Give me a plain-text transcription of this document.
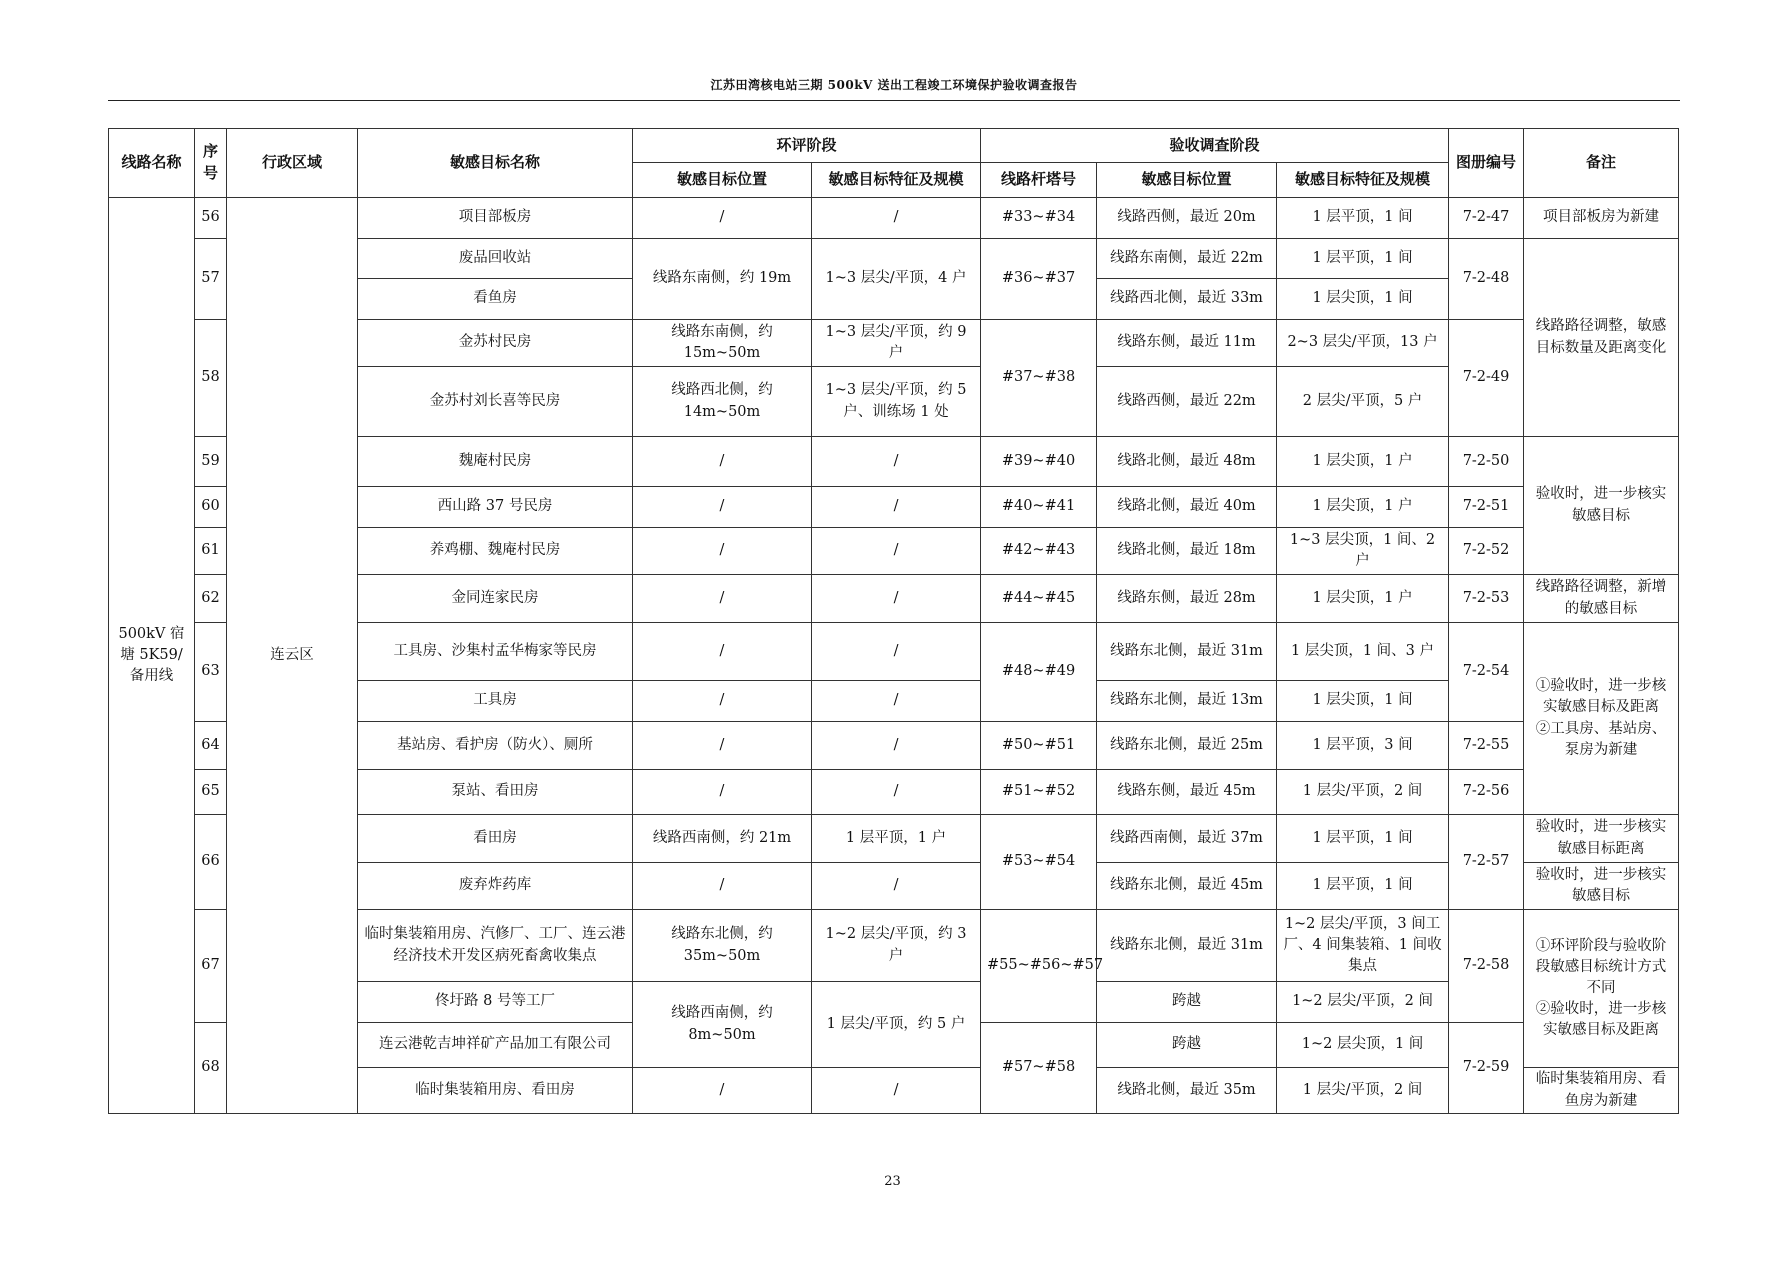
江苏田湾核电站三期 500kV 送出工程竣工环境保护验收调查报告
线路名称	序号	行政区域	敏感目标名称	环评阶段		验收调查阶段			图册编号	备注
				敏感目标位置	敏感目标特征及规模	线路杆塔号	敏感目标位置	敏感目标特征及规模		
500kV 宿塘 5K59/备用线	56	连云区	项目部板房	/	/	#33~#34	线路西侧，最近 20m	1 层平顶，1 间	7-2-47	项目部板房为新建
	57		废品回收站	线路东南侧，约 19m	1~3 层尖/平顶，4 户	#36~#37	线路东南侧，最近 22m	1 层平顶，1 间	7-2-48	线路路径调整，敏感目标数量及距离变化
			看鱼房				线路西北侧，最近 33m	1 层尖顶，1 间		
	58		金苏村民房	线路东南侧，约 15m~50m	1~3 层尖/平顶，约 9 户	#37~#38	线路东侧，最近 11m	2~3 层尖/平顶，13 户	7-2-49	
			金苏村刘长喜等民房	线路西北侧，约 14m~50m	1~3 层尖/平顶，约 5 户、训练场 1 处		线路西侧，最近 22m	2 层尖/平顶，5 户		
	59		魏庵村民房	/	/	#39~#40	线路北侧，最近 48m	1 层尖顶，1 户	7-2-50	验收时，进一步核实敏感目标
	60		西山路 37 号民房	/	/	#40~#41	线路北侧，最近 40m	1 层尖顶，1 户	7-2-51	
	61		养鸡棚、魏庵村民房	/	/	#42~#43	线路北侧，最近 18m	1~3 层尖顶，1 间、2 户	7-2-52	
	62		金同连家民房	/	/	#44~#45	线路东侧，最近 28m	1 层尖顶，1 户	7-2-53	线路路径调整，新增的敏感目标
	63		工具房、沙集村孟华梅家等民房	/	/	#48~#49	线路东北侧，最近 31m	1 层尖顶，1 间、3 户	7-2-54	①验收时，进一步核实敏感目标及距离
②工具房、基站房、泵房为新建
			工具房	/	/		线路东北侧，最近 13m	1 层尖顶，1 间		
	64		基站房、看护房（防火）、厕所	/	/	#50~#51	线路东北侧，最近 25m	1 层平顶，3 间	7-2-55	
	65		泵站、看田房	/	/	#51~#52	线路东侧，最近 45m	1 层尖/平顶，2 间	7-2-56	
	66		看田房	线路西南侧，约 21m	1 层平顶，1 户	#53~#54	线路西南侧，最近 37m	1 层平顶，1 间	7-2-57	验收时，进一步核实敏感目标距离
			废弃炸药库	/	/		线路东北侧，最近 45m	1 层平顶，1 间		验收时，进一步核实敏感目标
	67		临时集装箱用房、汽修厂、工厂、连云港经济技术开发区病死畜禽收集点	线路东北侧，约 35m~50m	1~2 层尖/平顶，约 3 户	#55~#56~#57	线路东北侧，最近 31m	1~2 层尖/平顶，3 间工厂、4 间集装箱、1 间收集点	7-2-58	①环评阶段与验收阶段敏感目标统计方式不同
②验收时，进一步核实敏感目标及距离
			佟圩路 8 号等工厂	线路西南侧，约 8m~50m	1 层尖/平顶，约 5 户		跨越	1~2 层尖/平顶，2 间		
	68		连云港乾吉坤祥矿产品加工有限公司			#57~#58	跨越	1~2 层尖顶，1 间	7-2-59	
			临时集装箱用房、看田房	/	/		线路北侧，最近 35m	1 层尖/平顶，2 间		临时集装箱用房、看鱼房为新建
23
